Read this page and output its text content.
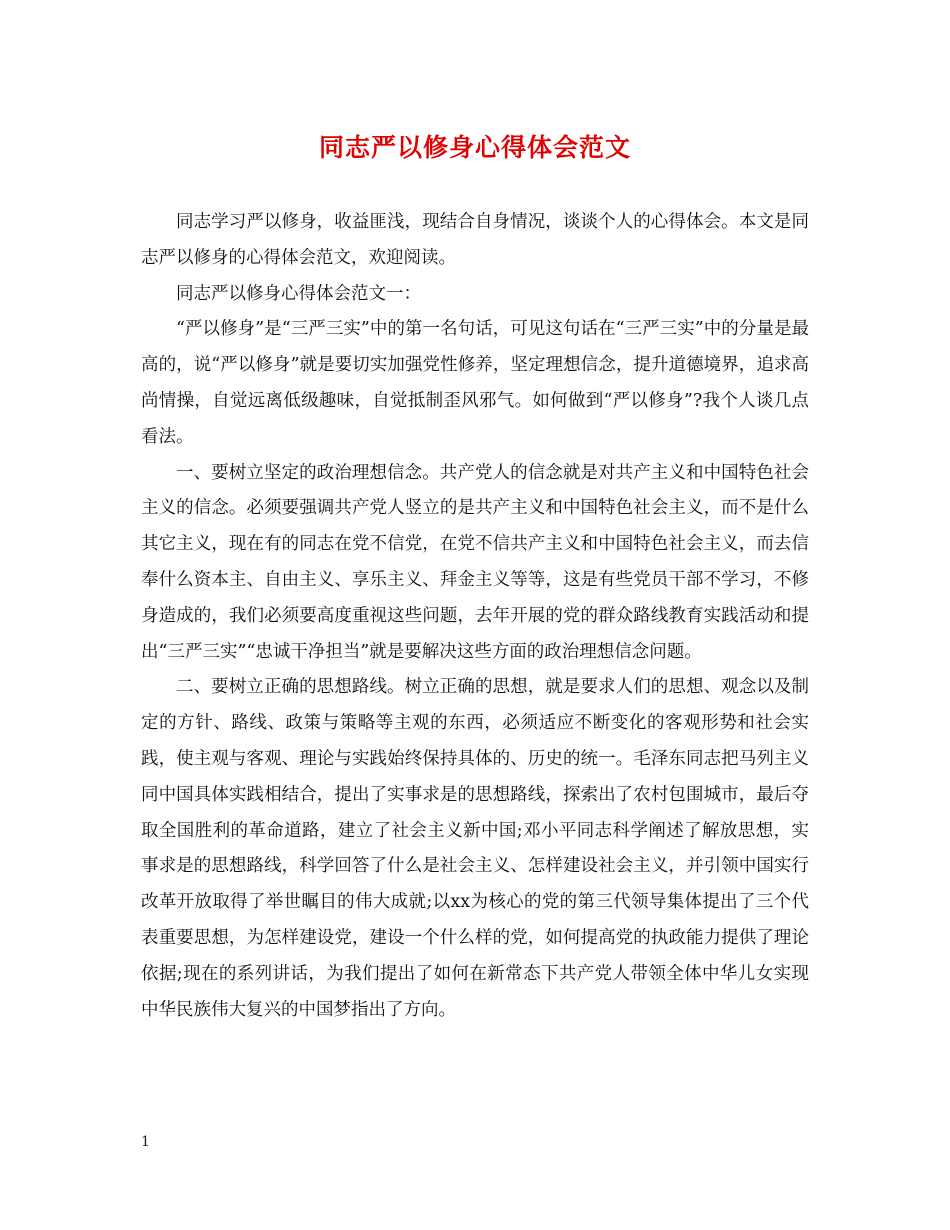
同志严以修身心得体会范文

同志学习严以修身，收益匪浅，现结合自身情况，谈谈个人的心得体会。本文是同志严以修身的心得体会范文，欢迎阅读。

同志严以修身心得体会范文一：

“严以修身”是“三严三实”中的第一名句话，可见这句话在“三严三实”中的分量是最高的，说“严以修身”就是要切实加强党性修养，坚定理想信念，提升道德境界，追求高尚情操，自觉远离低级趣味，自觉抵制歪风邪气。如何做到“严以修身”?我个人谈几点看法。

一、要树立坚定的政治理想信念。共产党人的信念就是对共产主义和中国特色社会主义的信念。必须要强调共产党人竖立的是共产主义和中国特色社会主义，而不是什么其它主义，现在有的同志在党不信党，在党不信共产主义和中国特色社会主义，而去信奉什么资本主、自由主义、享乐主义、拜金主义等等，这是有些党员干部不学习，不修身造成的，我们必须要高度重视这些问题，去年开展的党的群众路线教育实践活动和提出“三严三实”“忠诚干净担当”就是要解决这些方面的政治理想信念问题。

二、要树立正确的思想路线。树立正确的思想，就是要求人们的思想、观念以及制定的方针、路线、政策与策略等主观的东西，必须适应不断变化的客观形势和社会实践，使主观与客观、理论与实践始终保持具体的、历史的统一。毛泽东同志把马列主义同中国具体实践相结合，提出了实事求是的思想路线，探索出了农村包围城市，最后夺取全国胜利的革命道路，建立了社会主义新中国;邓小平同志科学阐述了解放思想，实事求是的思想路线，科学回答了什么是社会主义、怎样建设社会主义，并引领中国实行改革开放取得了举世瞩目的伟大成就;以xx为核心的党的第三代领导集体提出了三个代表重要思想，为怎样建设党，建设一个什么样的党，如何提高党的执政能力提供了理论依据;现在的系列讲话，为我们提出了如何在新常态下共产党人带领全体中华儿女实现中华民族伟大复兴的中国梦指出了方向。

1
